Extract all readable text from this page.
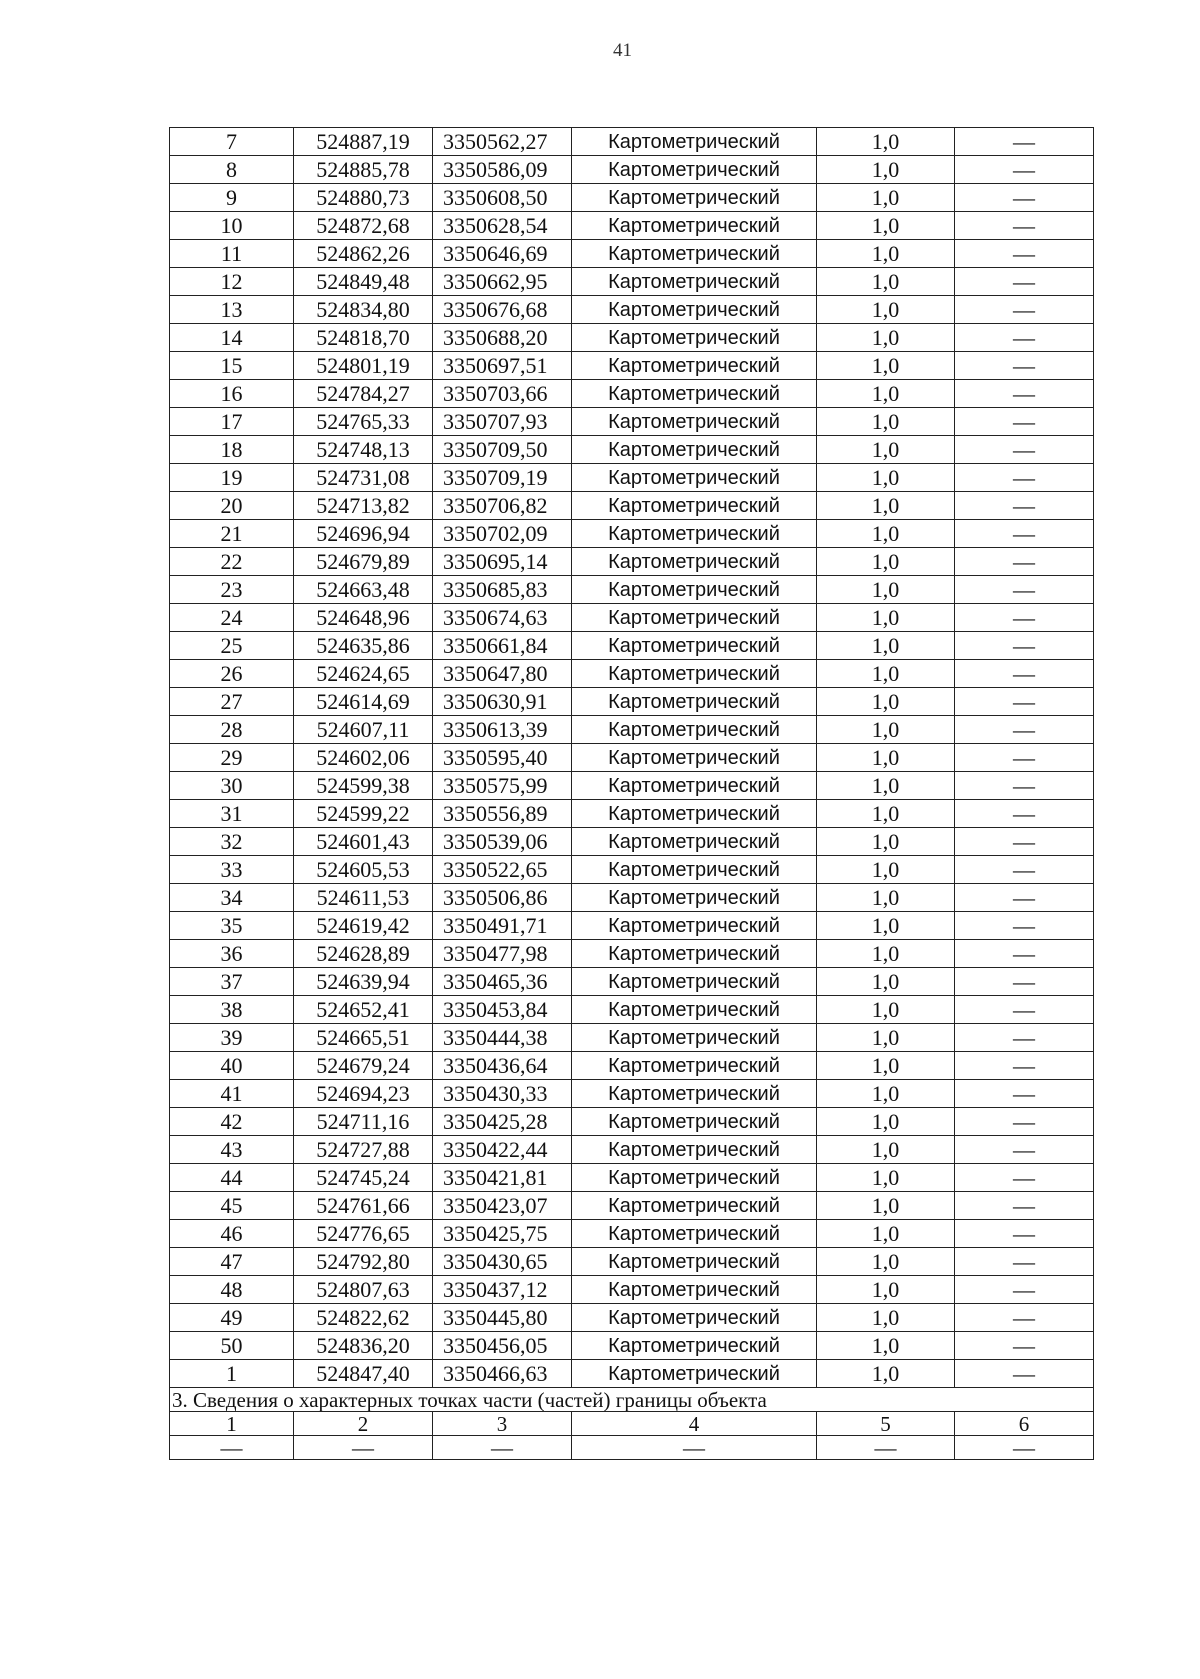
41
7	524887,19	3350562,27	Картометрический	1,0	—
8	524885,78	3350586,09	Картометрический	1,0	—
9	524880,73	3350608,50	Картометрический	1,0	—
10	524872,68	3350628,54	Картометрический	1,0	—
11	524862,26	3350646,69	Картометрический	1,0	—
12	524849,48	3350662,95	Картометрический	1,0	—
13	524834,80	3350676,68	Картометрический	1,0	—
14	524818,70	3350688,20	Картометрический	1,0	—
15	524801,19	3350697,51	Картометрический	1,0	—
16	524784,27	3350703,66	Картометрический	1,0	—
17	524765,33	3350707,93	Картометрический	1,0	—
18	524748,13	3350709,50	Картометрический	1,0	—
19	524731,08	3350709,19	Картометрический	1,0	—
20	524713,82	3350706,82	Картометрический	1,0	—
21	524696,94	3350702,09	Картометрический	1,0	—
22	524679,89	3350695,14	Картометрический	1,0	—
23	524663,48	3350685,83	Картометрический	1,0	—
24	524648,96	3350674,63	Картометрический	1,0	—
25	524635,86	3350661,84	Картометрический	1,0	—
26	524624,65	3350647,80	Картометрический	1,0	—
27	524614,69	3350630,91	Картометрический	1,0	—
28	524607,11	3350613,39	Картометрический	1,0	—
29	524602,06	3350595,40	Картометрический	1,0	—
30	524599,38	3350575,99	Картометрический	1,0	—
31	524599,22	3350556,89	Картометрический	1,0	—
32	524601,43	3350539,06	Картометрический	1,0	—
33	524605,53	3350522,65	Картометрический	1,0	—
34	524611,53	3350506,86	Картометрический	1,0	—
35	524619,42	3350491,71	Картометрический	1,0	—
36	524628,89	3350477,98	Картометрический	1,0	—
37	524639,94	3350465,36	Картометрический	1,0	—
38	524652,41	3350453,84	Картометрический	1,0	—
39	524665,51	3350444,38	Картометрический	1,0	—
40	524679,24	3350436,64	Картометрический	1,0	—
41	524694,23	3350430,33	Картометрический	1,0	—
42	524711,16	3350425,28	Картометрический	1,0	—
43	524727,88	3350422,44	Картометрический	1,0	—
44	524745,24	3350421,81	Картометрический	1,0	—
45	524761,66	3350423,07	Картометрический	1,0	—
46	524776,65	3350425,75	Картометрический	1,0	—
47	524792,80	3350430,65	Картометрический	1,0	—
48	524807,63	3350437,12	Картометрический	1,0	—
49	524822,62	3350445,80	Картометрический	1,0	—
50	524836,20	3350456,05	Картометрический	1,0	—
1	524847,40	3350466,63	Картометрический	1,0	—
3. Сведения о характерных точках части (частей) границы объекта					
1	2	3	4	5	6
—	—	—	—	—	—
